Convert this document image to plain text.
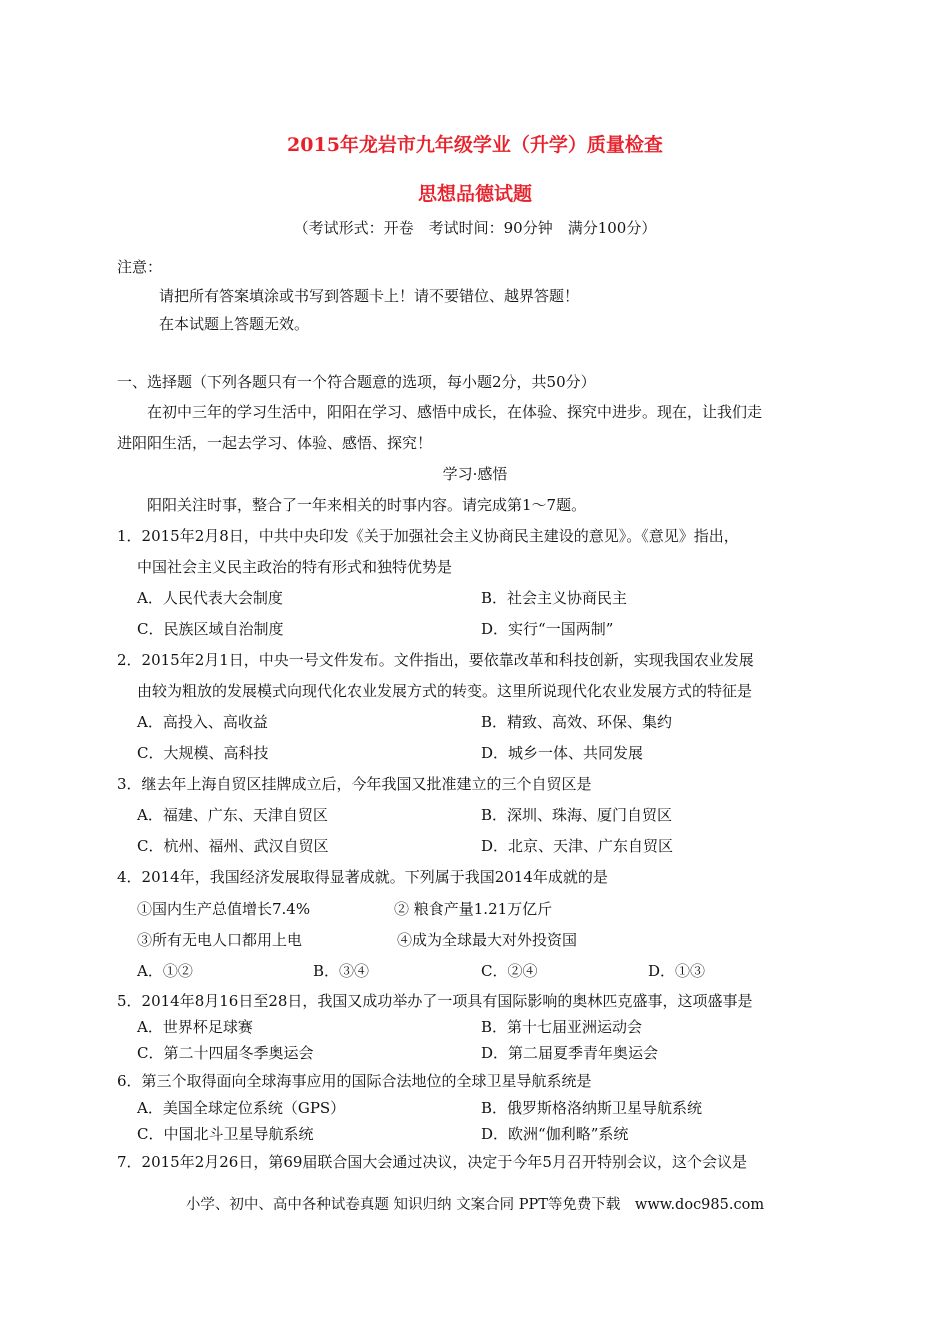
2015年龙岩市九年级学业（升学）质量检查
思想品德试题
（考试形式：开卷　考试时间：90分钟　满分100分）
注意：
请把所有答案填涂或书写到答题卡上！请不要错位、越界答题！
在本试题上答题无效。
一、选择题（下列各题只有一个符合题意的选项，每小题2分，共50分）
在初中三年的学习生活中，阳阳在学习、感悟中成长，在体验、探究中进步。现在，让我们走
进阳阳生活，一起去学习、体验、感悟、探究！
学习·感悟
阳阳关注时事，整合了一年来相关的时事内容。请完成第1～7题。
1．2015年2月8日，中共中央印发《关于加强社会主义协商民主建设的意见》。《意见》指出，
中国社会主义民主政治的特有形式和独特优势是
A．人民代表大会制度	B．社会主义协商民主
C．民族区域自治制度	D．实行“一国两制”
2．2015年2月1日，中央一号文件发布。文件指出，要依靠改革和科技创新，实现我国农业发展
由较为粗放的发展模式向现代化农业发展方式的转变。这里所说现代化农业发展方式的特征是
A．高投入、高收益	B．精致、高效、环保、集约
C．大规模、高科技	D．城乡一体、共同发展
3．继去年上海自贸区挂牌成立后，今年我国又批准建立的三个自贸区是
A．福建、广东、天津自贸区	B．深圳、珠海、厦门自贸区
C．杭州、福州、武汉自贸区	D．北京、天津、广东自贸区
4．2014年，我国经济发展取得显著成就。下列属于我国2014年成就的是
①国内生产总值增长7.4%	② 粮食产量1.21万亿斤
③所有无电人口都用上电	④成为全球最大对外投资国
A．①②	B．③④	C．②④	D．①③
5．2014年8月16日至28日，我国又成功举办了一项具有国际影响的奥林匹克盛事，这项盛事是
A．世界杯足球赛	B．第十七届亚洲运动会
C．第二十四届冬季奥运会	D．第二届夏季青年奥运会
6．第三个取得面向全球海事应用的国际合法地位的全球卫星导航系统是
A．美国全球定位系统（GPS）	B．俄罗斯格洛纳斯卫星导航系统
C．中国北斗卫星导航系统	D．欧洲“伽利略”系统
7．2015年2月26日，第69届联合国大会通过决议，决定于今年5月召开特别会议，这个会议是
小学、初中、高中各种试卷真题 知识归纳 文案合同 PPT等免费下载　www.doc985.com
